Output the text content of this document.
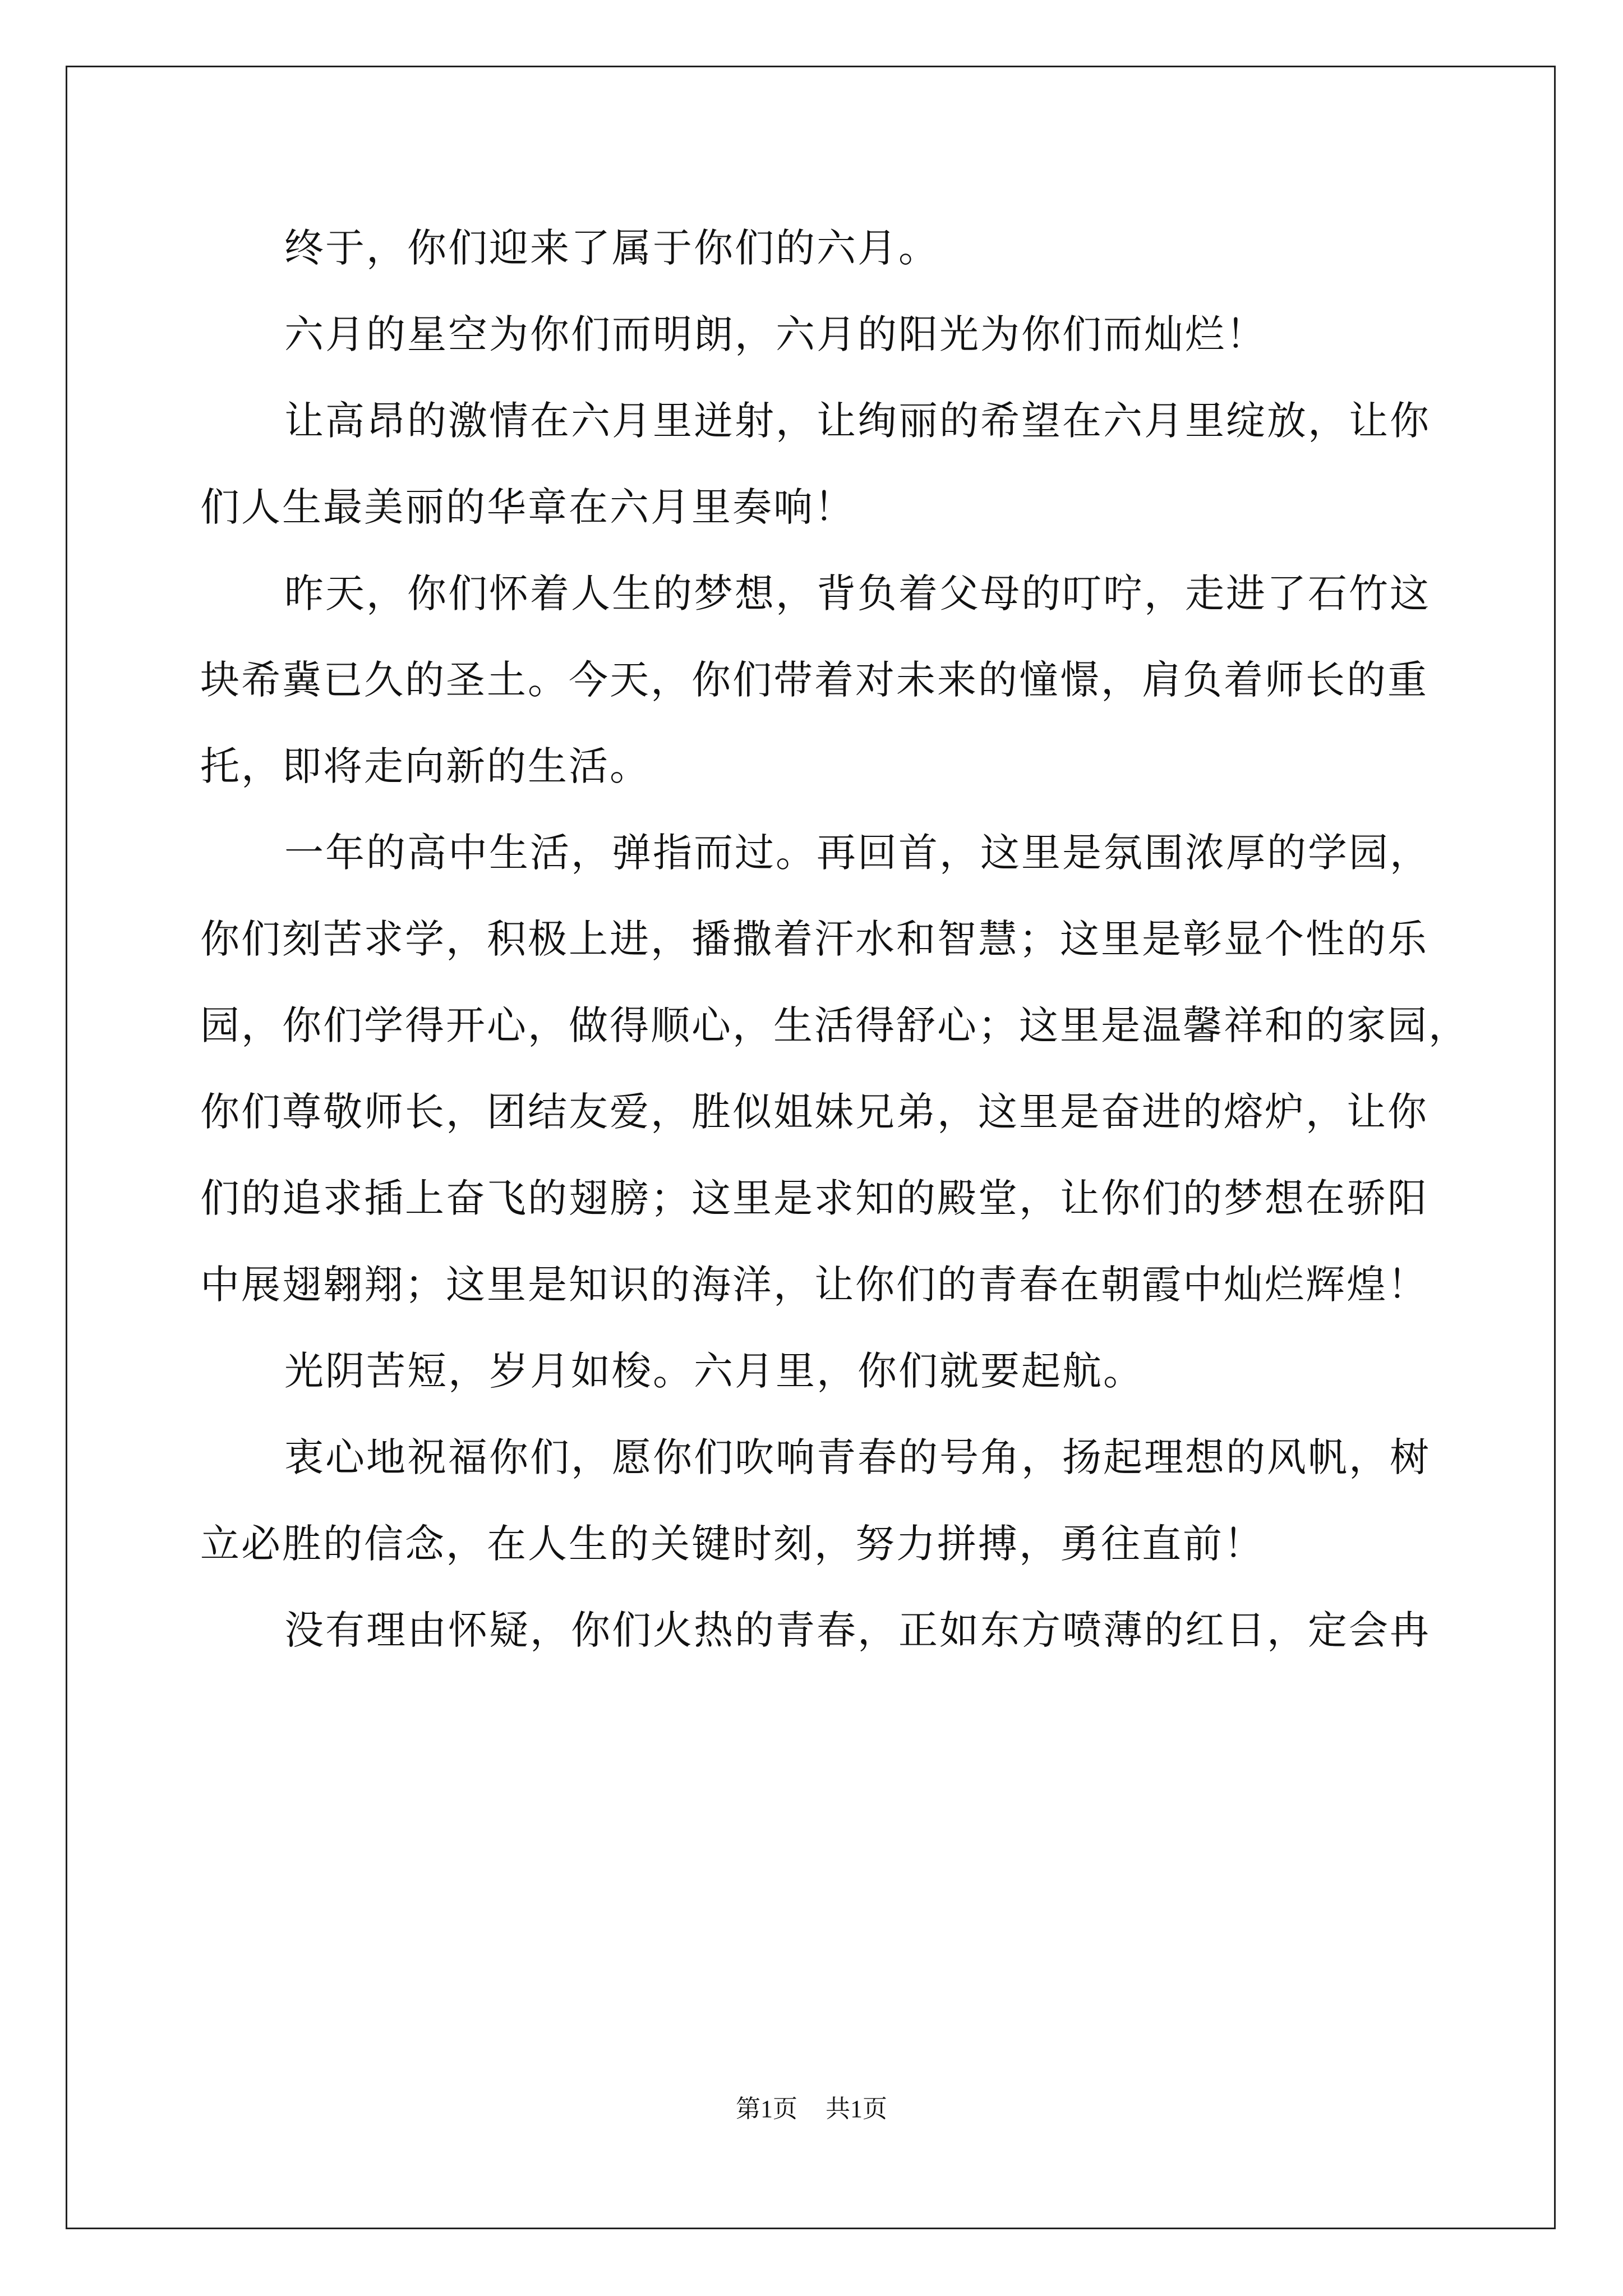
终于，你们迎来了属于你们的六月。
六月的星空为你们而明朗，六月的阳光为你们而灿烂！
让高昂的激情在六月里迸射，让绚丽的希望在六月里绽放，让你
们人生最美丽的华章在六月里奏响！
昨天，你们怀着人生的梦想，背负着父母的叮咛，走进了石竹这
块希冀已久的圣土。今天，你们带着对未来的憧憬，肩负着师长的重
托，即将走向新的生活。
一年的高中生活，弹指而过。再回首，这里是氛围浓厚的学园，
你们刻苦求学，积极上进，播撒着汗水和智慧；这里是彰显个性的乐
园，你们学得开心，做得顺心，生活得舒心；这里是温馨祥和的家园，
你们尊敬师长，团结友爱，胜似姐妹兄弟，这里是奋进的熔炉，让你
们的追求插上奋飞的翅膀；这里是求知的殿堂，让你们的梦想在骄阳
中展翅翱翔；这里是知识的海洋，让你们的青春在朝霞中灿烂辉煌！
光阴苦短，岁月如梭。六月里，你们就要起航。
衷心地祝福你们，愿你们吹响青春的号角，扬起理想的风帆，树
立必胜的信念，在人生的关键时刻，努力拼搏，勇往直前！
没有理由怀疑，你们火热的青春，正如东方喷薄的红日，定会冉
第1页 共1页
